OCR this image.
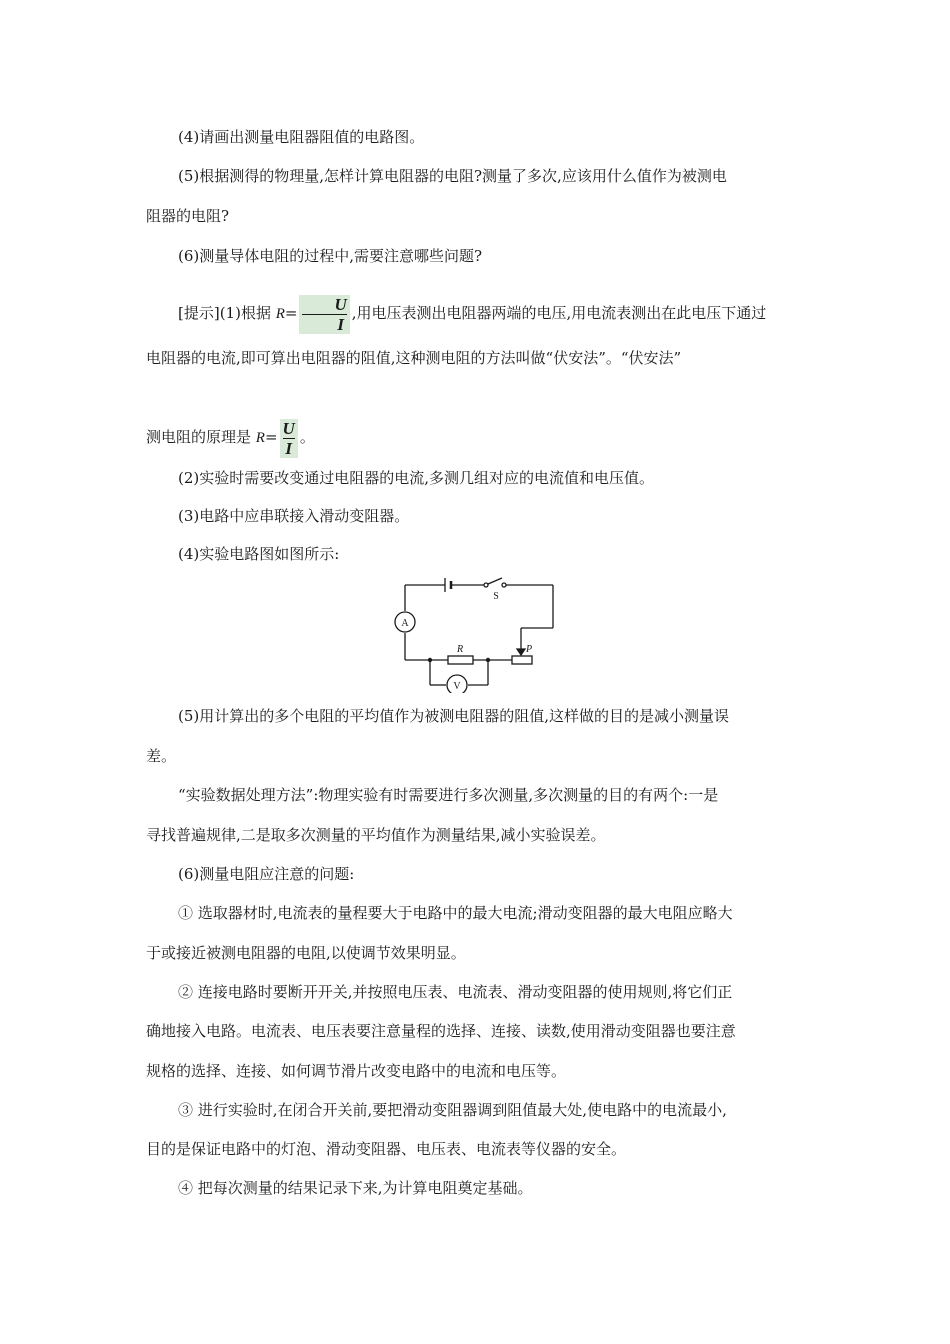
(4)请画出测量电阻器阻值的电路图。

(5)根据测得的物理量,怎样计算电阻器的电阻?测量了多次,应该用什么值作为被测电

阻器的电阻?

(6)测量导体电阻的过程中,需要注意哪些问题?

[提示](1)根据 $R= \frac{U}{I}$ ,用电压表测出电阻器两端的电压,用电流表测出在此电压下通过

电阻器的电流,即可算出电阻器的阻值,这种测电阻的方法叫做“伏安法”。“伏安法”

测电阻的原理是 $R= \frac{U}{I}$ 。

(2)实验时需要改变通过电阻器的电流,多测几组对应的电流值和电压值。

(3)电路中应串联接入滑动变阻器。

(4)实验电路图如图所示:

A
V
S
R	P

(5)用计算出的多个电阻的平均值作为被测电阻器的阻值,这样做的目的是减小测量误

差。

“实验数据处理方法”:物理实验有时需要进行多次测量,多次测量的目的有两个:一是

寻找普遍规律,二是取多次测量的平均值作为测量结果,减小实验误差。

(6)测量电阻应注意的问题:

① 选取器材时,电流表的量程要大于电路中的最大电流;滑动变阻器的最大电阻应略大

于或接近被测电阻器的电阻,以使调节效果明显。

② 连接电路时要断开开关,并按照电压表、电流表、滑动变阻器的使用规则,将它们正

确地接入电路。电流表、电压表要注意量程的选择、连接、读数,使用滑动变阻器也要注意

规格的选择、连接、如何调节滑片改变电路中的电流和电压等。

③ 进行实验时,在闭合开关前,要把滑动变阻器调到阻值最大处,使电路中的电流最小,

目的是保证电路中的灯泡、滑动变阻器、电压表、电流表等仪器的安全。

④ 把每次测量的结果记录下来,为计算电阻奠定基础。
